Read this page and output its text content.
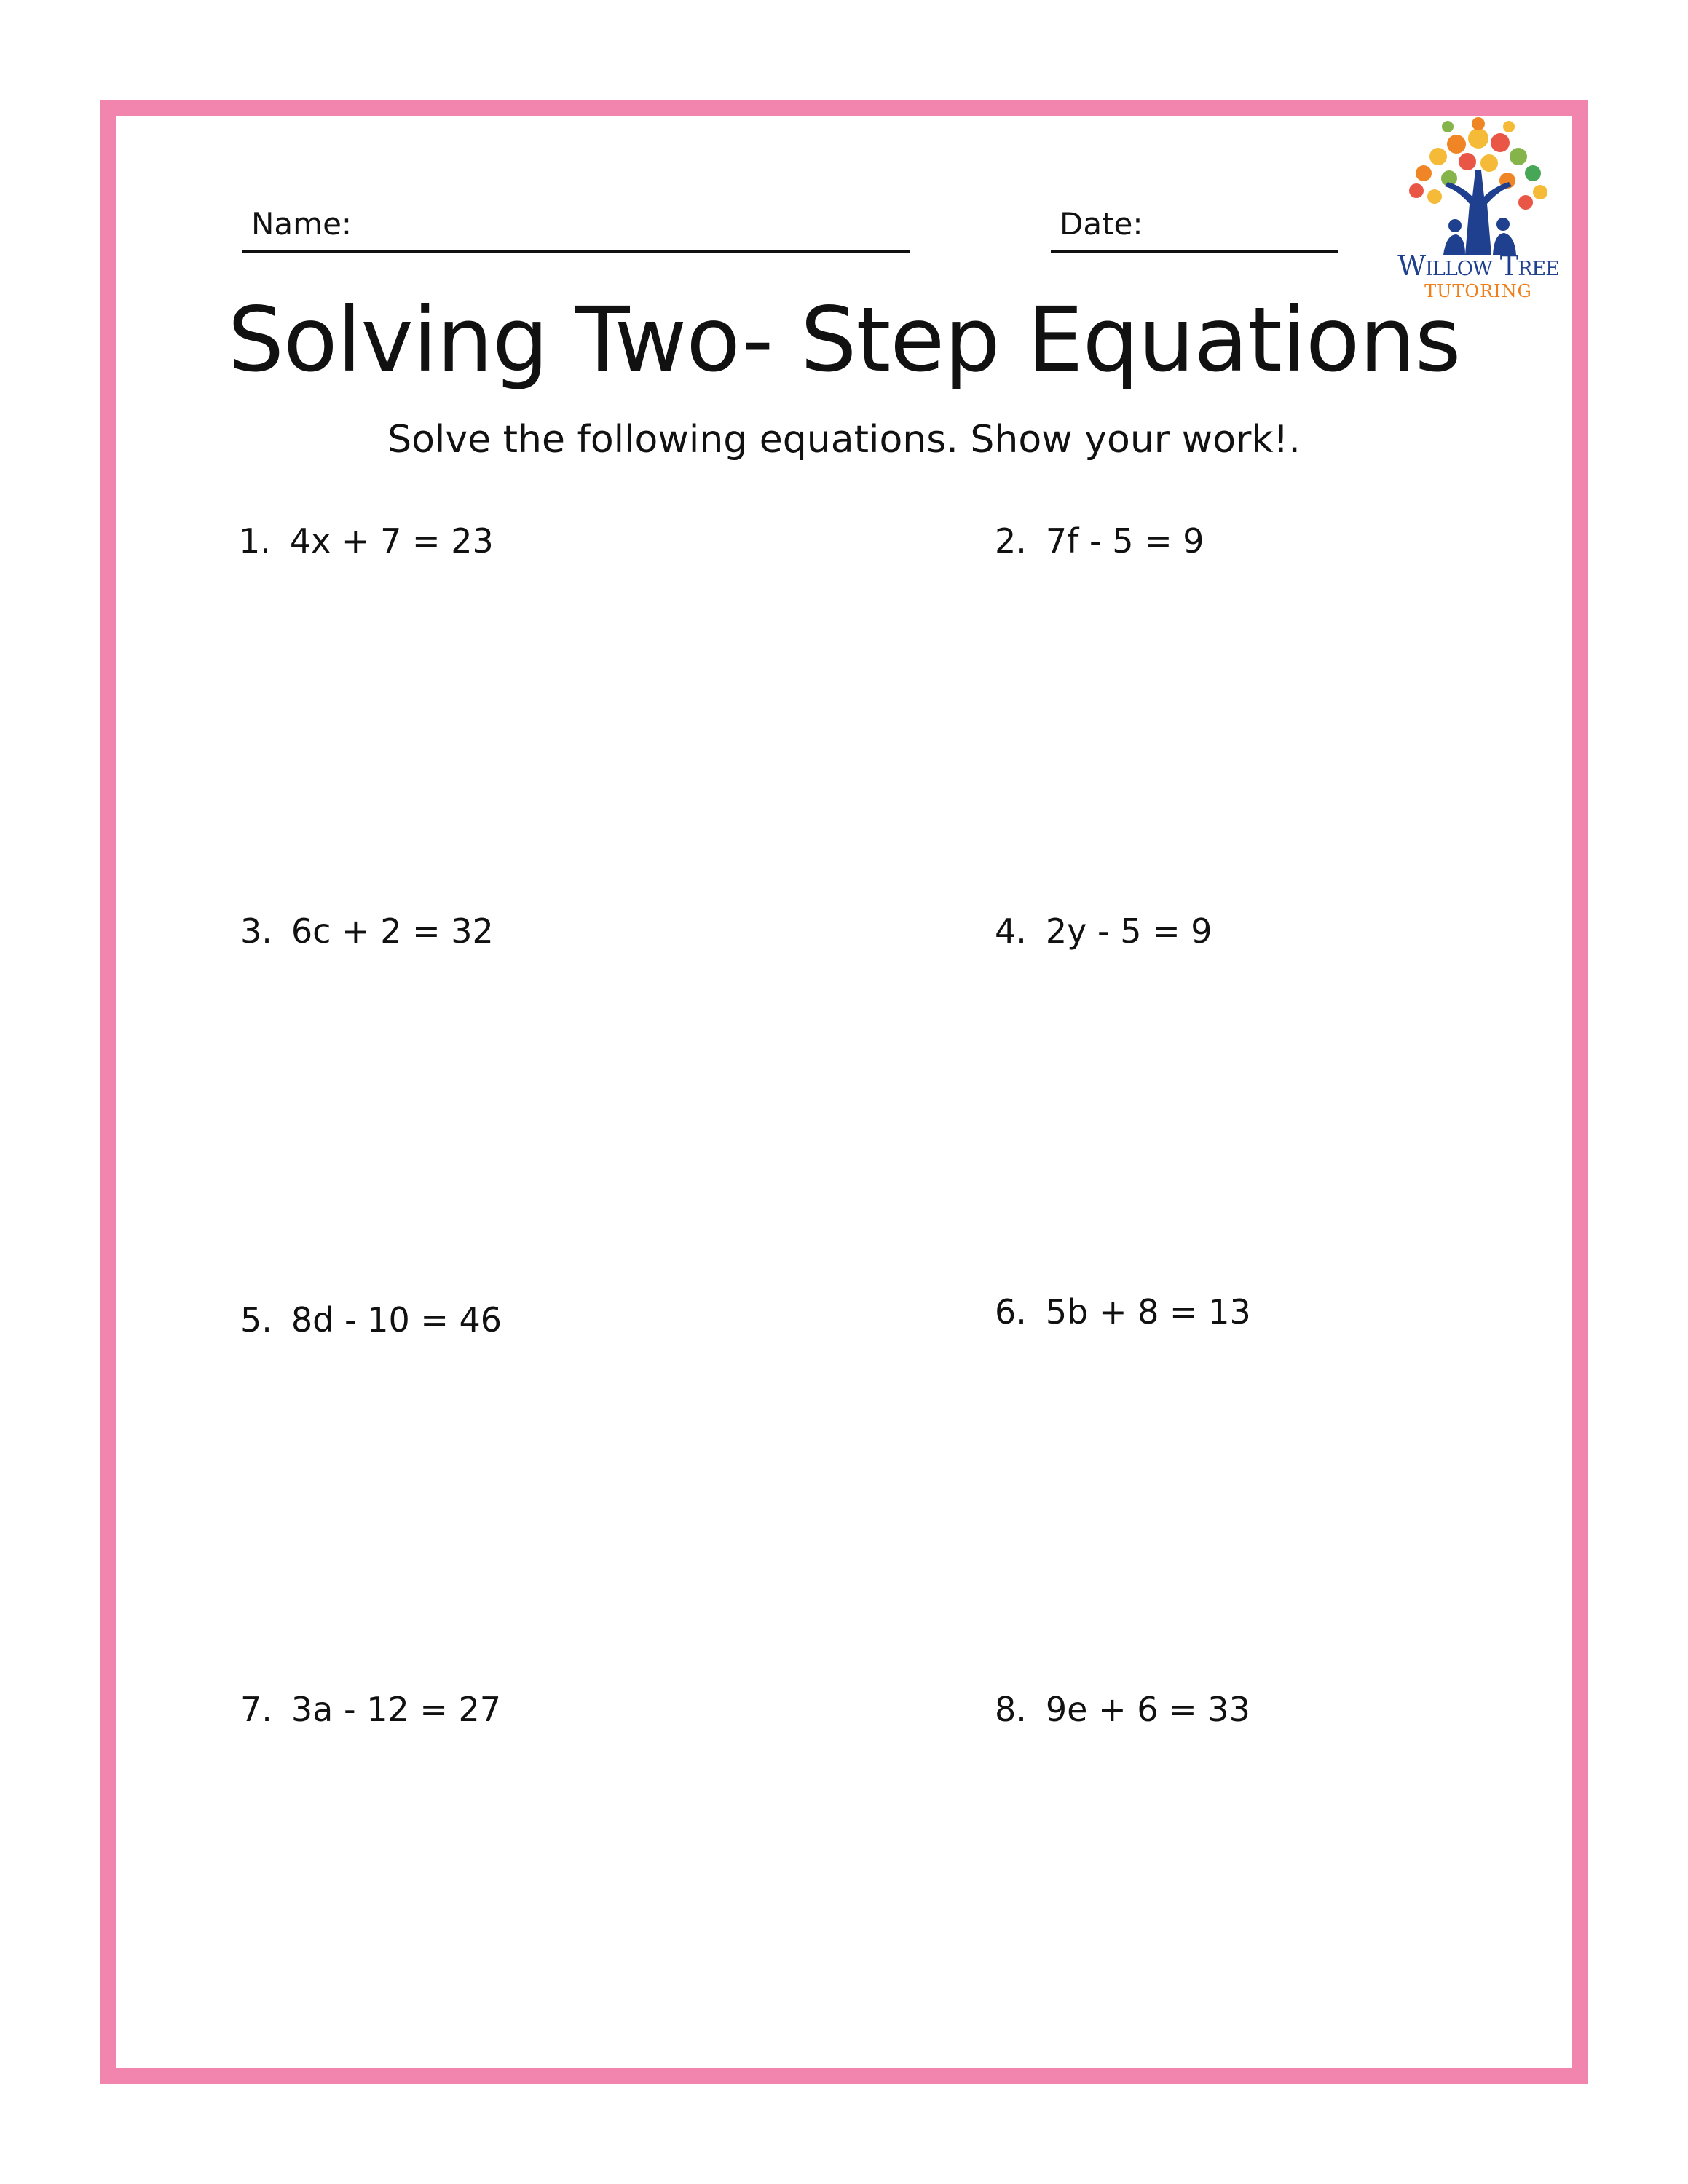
Name:	Date:
Willow Tree
TUTORING
Solving Two- Step Equations
Solve the following equations. Show your work!.
1. 4x + 7 = 23	2. 7f - 5 = 9
3. 6c + 2 = 32	4. 2y - 5 = 9
5. 8d - 10 = 46	6. 5b + 8 = 13
7. 3a - 12 = 27	8. 9e + 6 = 33
